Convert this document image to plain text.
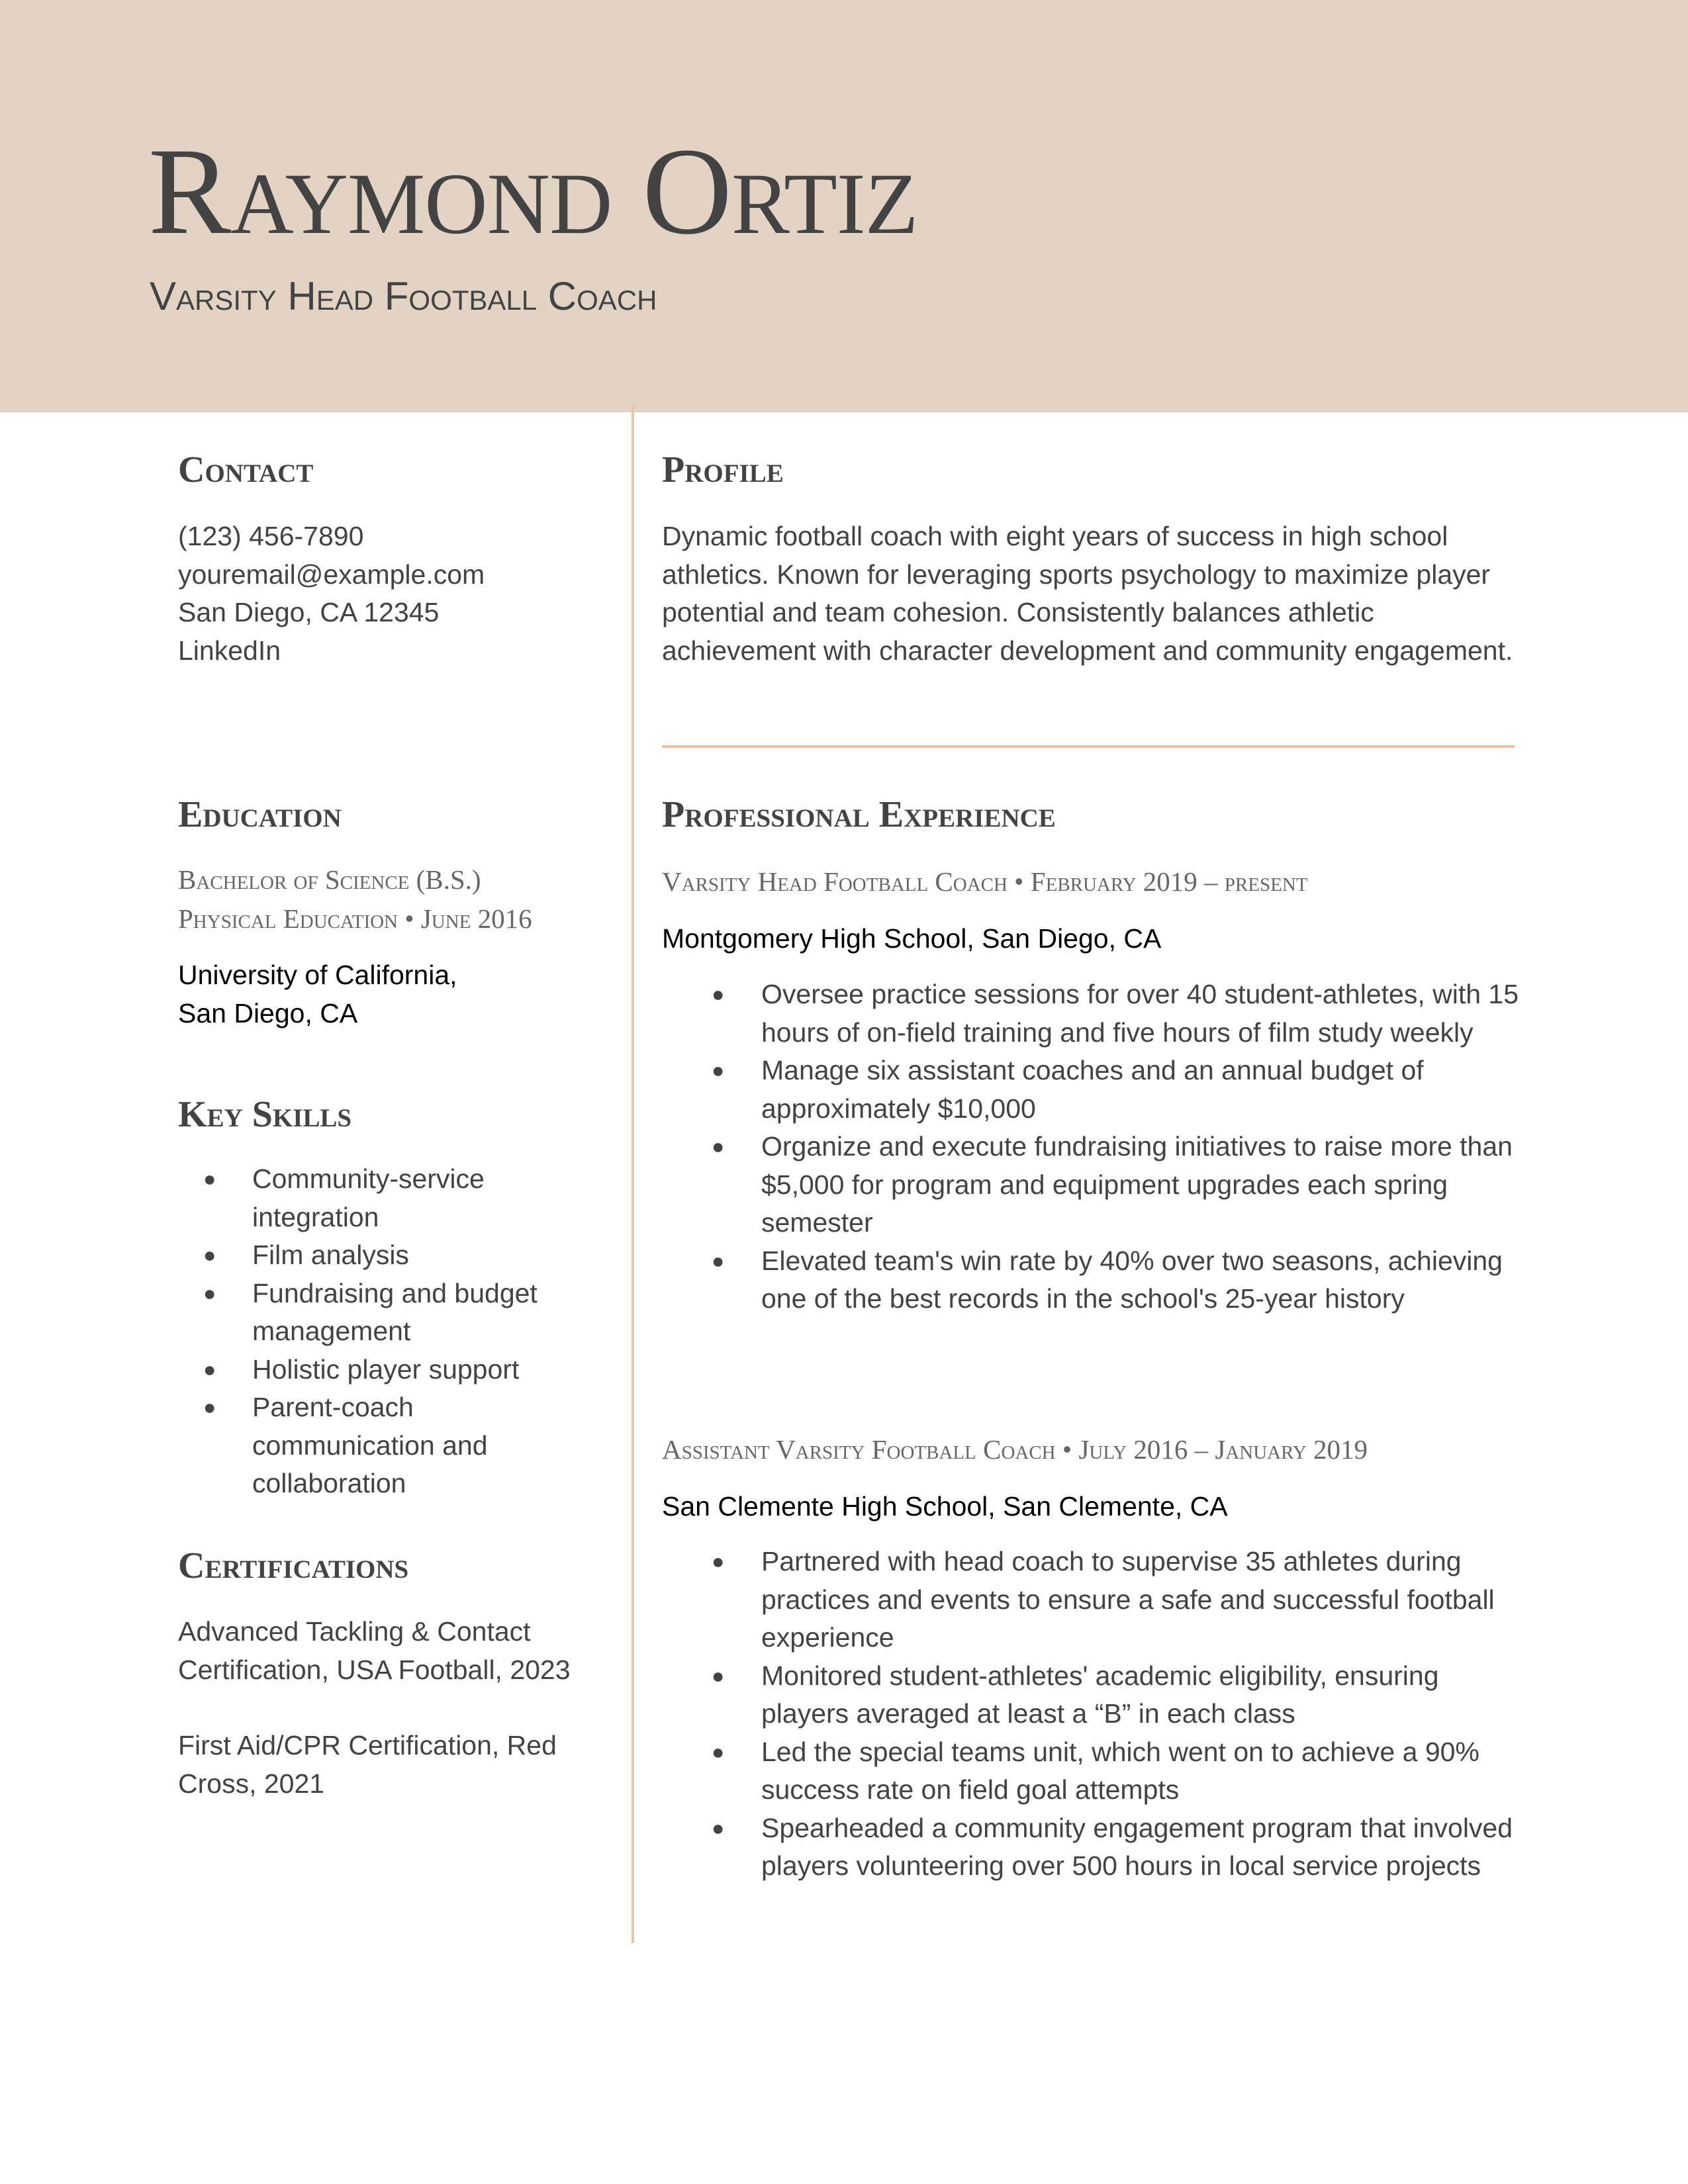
Raymond Ortiz
Varsity Head Football Coach
Contact
(123) 456-7890
youremail@example.com
San Diego, CA 12345
LinkedIn
Education
Bachelor of Science (B.S.)
Physical Education • June 2016
University of California,
San Diego, CA
Key Skills
● Community-service integration
● Film analysis
● Fundraising and budget management
● Holistic player support
● Parent-coach communication and collaboration
Certifications
Advanced Tackling & Contact Certification, USA Football, 2023
First Aid/CPR Certification, Red Cross, 2021
Profile
Dynamic football coach with eight years of success in high school athletics. Known for leveraging sports psychology to maximize player potential and team cohesion. Consistently balances athletic achievement with character development and community engagement.
Professional Experience
Varsity Head Football Coach • February 2019 – present
Montgomery High School, San Diego, CA
● Oversee practice sessions for over 40 student-athletes, with 15 hours of on-field training and five hours of film study weekly
● Manage six assistant coaches and an annual budget of approximately $10,000
● Organize and execute fundraising initiatives to raise more than $5,000 for program and equipment upgrades each spring semester
● Elevated team's win rate by 40% over two seasons, achieving one of the best records in the school's 25-year history
Assistant Varsity Football Coach • July 2016 – January 2019
San Clemente High School, San Clemente, CA
● Partnered with head coach to supervise 35 athletes during practices and events to ensure a safe and successful football experience
● Monitored student-athletes' academic eligibility, ensuring players averaged at least a “B” in each class
● Led the special teams unit, which went on to achieve a 90% success rate on field goal attempts
● Spearheaded a community engagement program that involved players volunteering over 500 hours in local service projects
